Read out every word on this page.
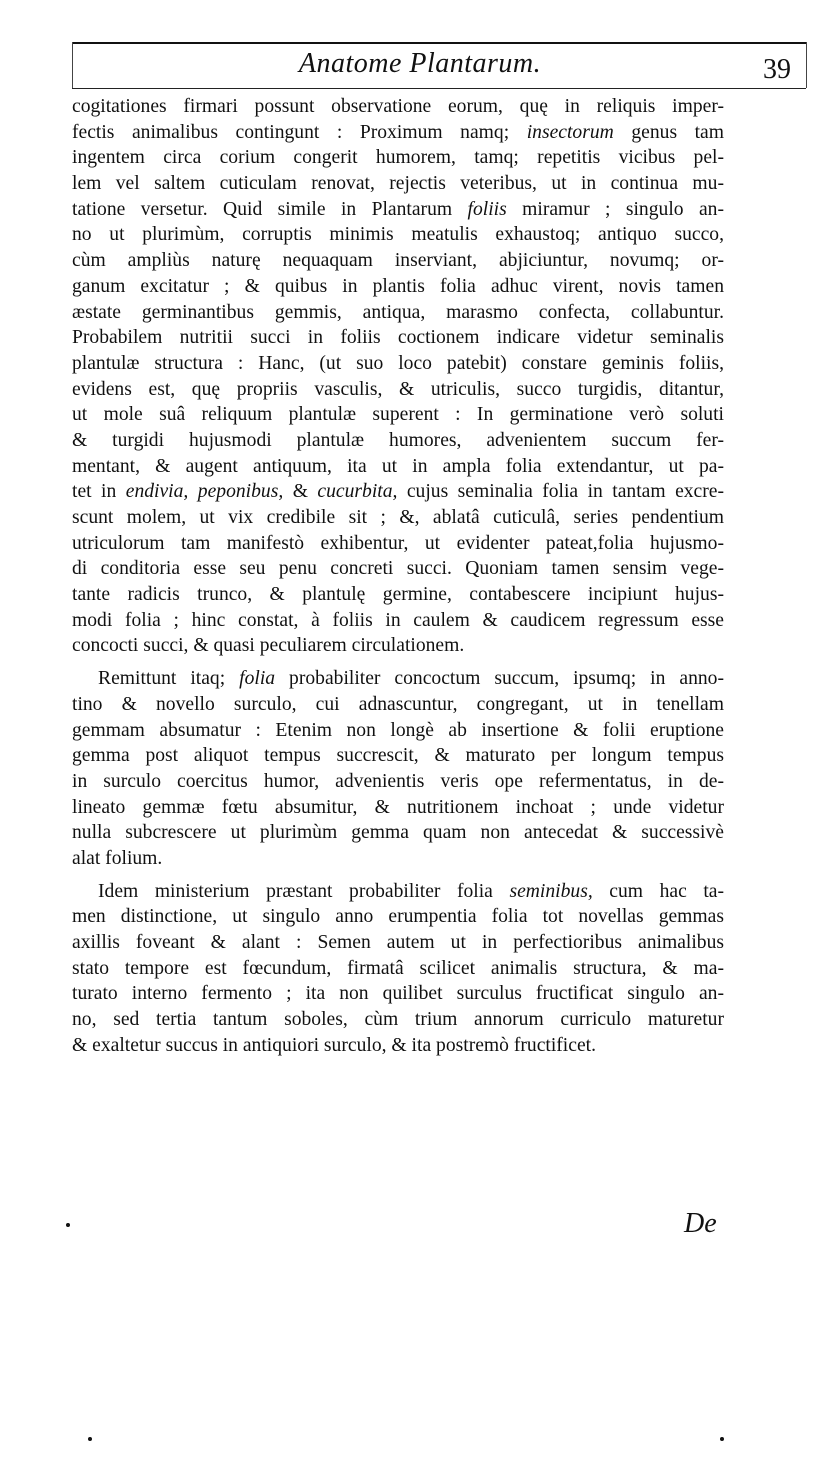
Anatome Plantarum.	39
cogitationes firmari possunt observatione eorum, quę in reliquis imper-
fectis animalibus contingunt : Proximum namq; insectorum genus tam
ingentem circa corium congerit humorem, tamq; repetitis vicibus pel-
lem vel saltem cuticulam renovat, rejectis veteribus, ut in continua mu-
tatione versetur. Quid simile in Plantarum foliis miramur ; singulo an-
no ut plurimùm, corruptis minimis meatulis exhaustoq; antiquo succo,
cùm ampliùs naturę nequaquam inserviant, abjiciuntur, novumq; or-
ganum excitatur ; & quibus in plantis folia adhuc virent, novis tamen
æstate germinantibus gemmis, antiqua, marasmo confecta, collabuntur.
Probabilem nutritii succi in foliis coctionem indicare videtur seminalis
plantulæ structura : Hanc, (ut suo loco patebit) constare geminis foliis,
evidens est, quę propriis vasculis, & utriculis, succo turgidis, ditantur,
ut mole suâ reliquum plantulæ superent : In germinatione verò soluti
& turgidi hujusmodi plantulæ humores, advenientem succum fer-
mentant, & augent antiquum, ita ut in ampla folia extendantur, ut pa-
tet in endivia, peponibus, & cucurbita, cujus seminalia folia in tantam excre-
scunt molem, ut vix credibile sit ; &, ablatâ cuticulâ, series pendentium
utriculorum tam manifestò exhibentur, ut evidenter pateat,folia hujusmo-
di conditoria esse seu penu concreti succi. Quoniam tamen sensim vege-
tante radicis trunco, & plantulę germine, contabescere incipiunt hujus-
modi folia ; hinc constat, à foliis in caulem & caudicem regressum esse
concocti succi, & quasi peculiarem circulationem.
Remittunt itaq; folia probabiliter concoctum succum, ipsumq; in anno-
tino & novello surculo, cui adnascuntur, congregant, ut in tenellam
gemmam absumatur : Etenim non longè ab insertione & folii eruptione
gemma post aliquot tempus succrescit, & maturato per longum tempus
in surculo coercitus humor, advenientis veris ope refermentatus, in de-
lineato gemmæ fœtu absumitur, & nutritionem inchoat ; unde videtur
nulla subcrescere ut plurimùm gemma quam non antecedat & successivè
alat folium.
Idem ministerium præstant probabiliter folia seminibus, cum hac ta-
men distinctione, ut singulo anno erumpentia folia tot novellas gemmas
axillis foveant & alant : Semen autem ut in perfectioribus animalibus
stato tempore est fœcundum, firmatâ scilicet animalis structura, & ma-
turato interno fermento ; ita non quilibet surculus fructificat singulo an-
no, sed tertia tantum soboles, cùm trium annorum curriculo maturetur
& exaltetur succus in antiquiori surculo, & ita postremò fructificet.
De
